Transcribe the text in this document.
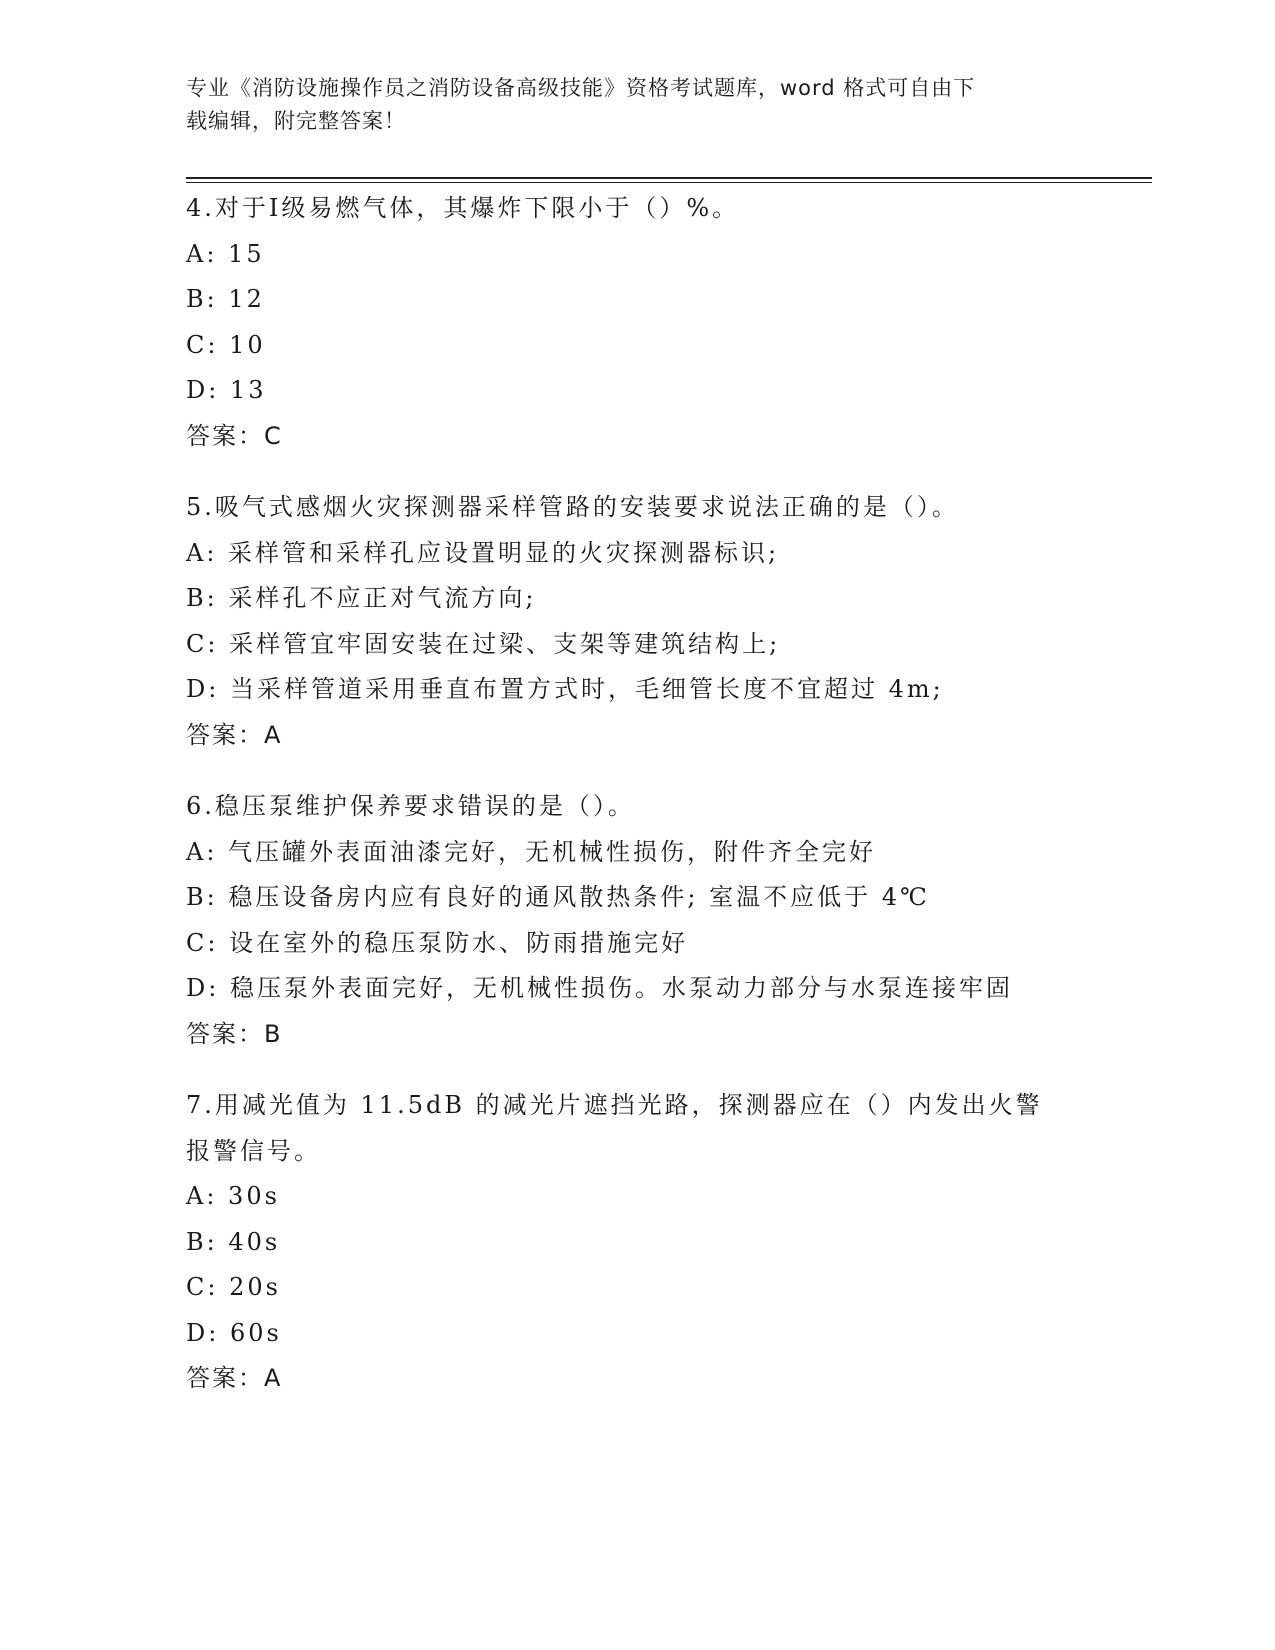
专业《消防设施操作员之消防设备高级技能》资格考试题库，word 格式可自由下
载编辑，附完整答案！
4.对于Ⅰ级易燃气体，其爆炸下限小于（）%。
A: 15
B: 12
C: 10
D: 13
答案：C
5.吸气式感烟火灾探测器采样管路的安装要求说法正确的是（）。
A: 采样管和采样孔应设置明显的火灾探测器标识;
B: 采样孔不应正对气流方向;
C: 采样管宜牢固安装在过梁、支架等建筑结构上;
D: 当采样管道采用垂直布置方式时，毛细管长度不宜超过 4m;
答案：A
6.稳压泵维护保养要求错误的是（）。
A: 气压罐外表面油漆完好，无机械性损伤，附件齐全完好
B: 稳压设备房内应有良好的通风散热条件; 室温不应低于 4℃
C: 设在室外的稳压泵防水、防雨措施完好
D: 稳压泵外表面完好，无机械性损伤。水泵动力部分与水泵连接牢固
答案：B
7.用减光值为 11.5dB 的减光片遮挡光路，探测器应在（）内发出火警
报警信号。
A: 30s
B: 40s
C: 20s
D: 60s
答案：A
